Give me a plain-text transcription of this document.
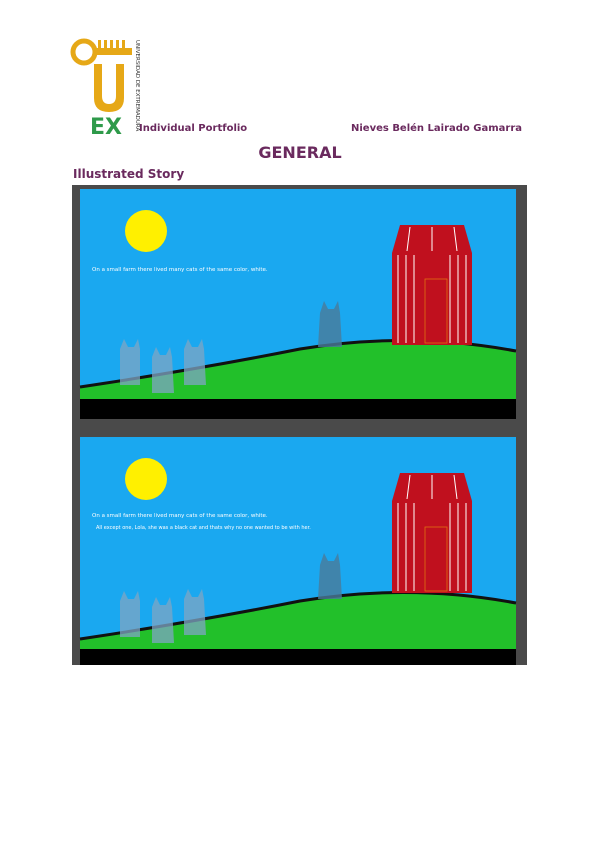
EX UNIVERSIDAD DE EXTREMADURA Individual Portfolio	Nieves Belén Lairado Gamarra
GENERAL
Illustrated Story
On a small farm there lived many cats of the same color, white.
On a small farm there lived many cats of the same color, white.
All except one, Lola, she was a black cat and thats why no one wanted to be with her.
